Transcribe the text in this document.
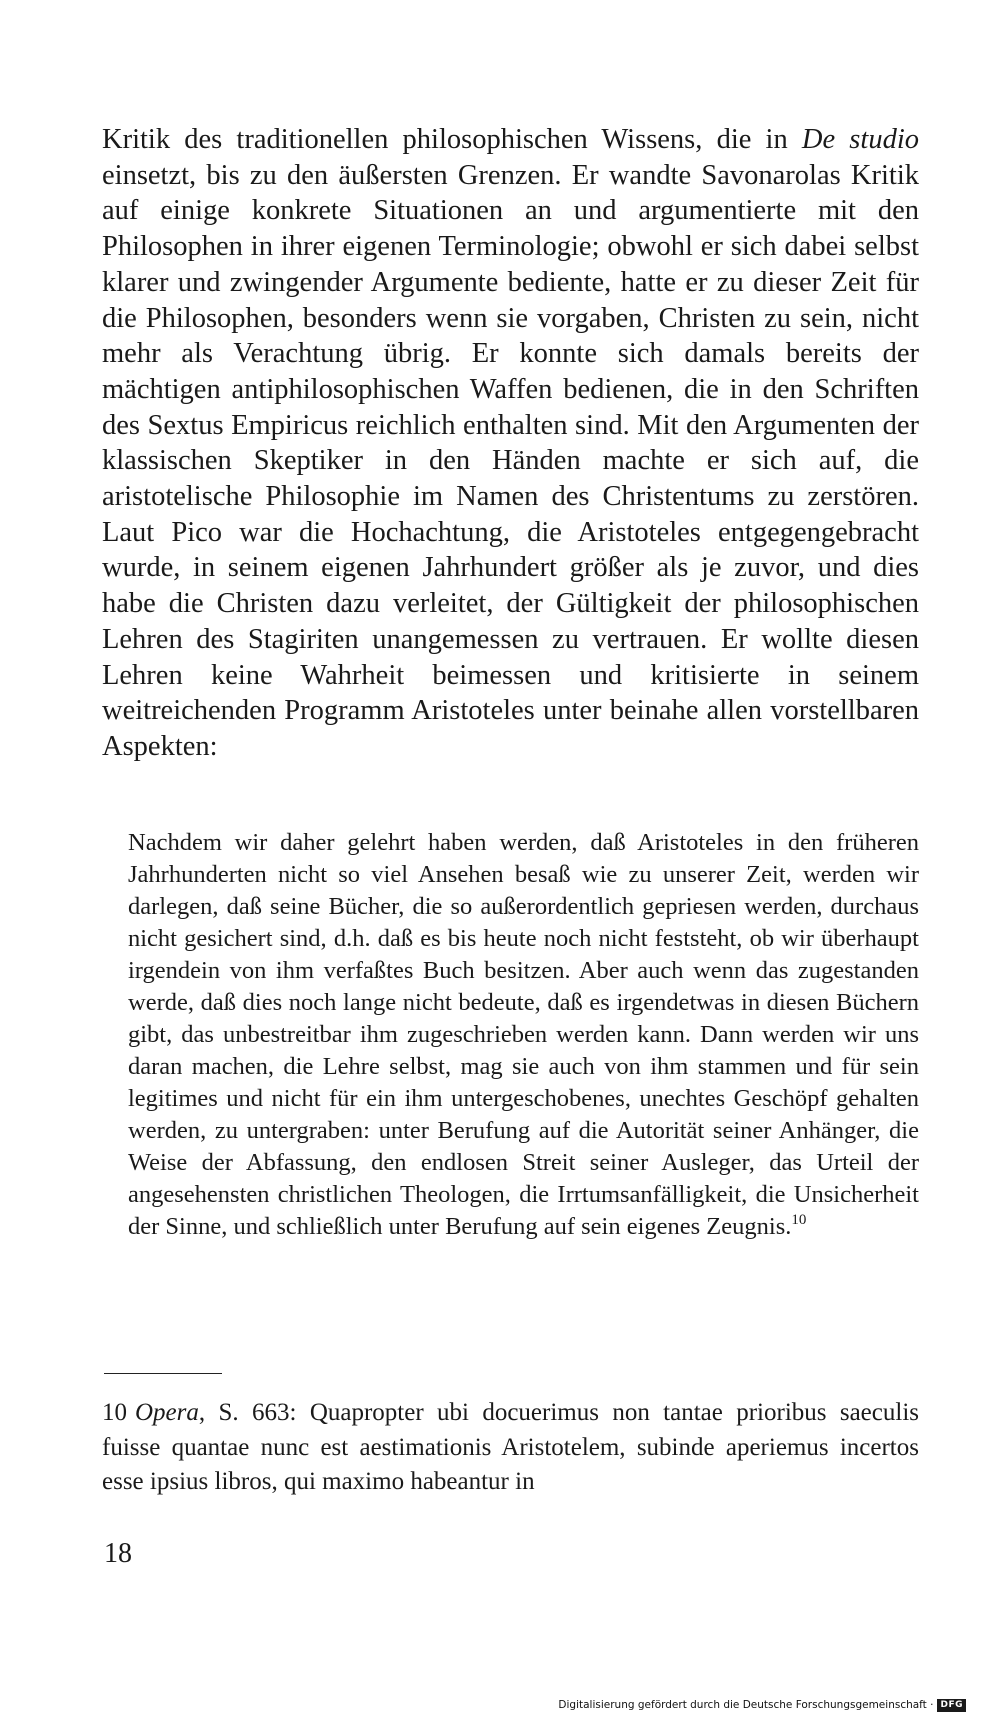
Kritik des traditionellen philosophischen Wissens, die in De studio einsetzt, bis zu den äußersten Grenzen. Er wandte Savonarolas Kritik auf einige konkrete Situationen an und argumentierte mit den Philosophen in ihrer eigenen Terminologie; obwohl er sich dabei selbst klarer und zwingender Argumente bediente, hatte er zu dieser Zeit für die Philosophen, besonders wenn sie vorgaben, Christen zu sein, nicht mehr als Verachtung übrig. Er konnte sich damals bereits der mächtigen antiphilosophischen Waffen bedienen, die in den Schriften des Sextus Empiricus reichlich enthalten sind. Mit den Argumenten der klassischen Skeptiker in den Händen machte er sich auf, die aristotelische Philosophie im Namen des Christentums zu zerstören. Laut Pico war die Hochachtung, die Aristoteles entgegengebracht wurde, in seinem eigenen Jahrhundert größer als je zuvor, und dies habe die Christen dazu verleitet, der Gültigkeit der philosophischen Lehren des Stagiriten unangemessen zu vertrauen. Er wollte diesen Lehren keine Wahrheit beimessen und kritisierte in seinem weitreichenden Programm Aristoteles unter beinahe allen vorstellbaren Aspekten:

Nachdem wir daher gelehrt haben werden, daß Aristoteles in den früheren Jahrhunderten nicht so viel Ansehen besaß wie zu unserer Zeit, werden wir darlegen, daß seine Bücher, die so außerordentlich gepriesen werden, durchaus nicht gesichert sind, d.h. daß es bis heute noch nicht feststeht, ob wir überhaupt irgendein von ihm verfaßtes Buch besitzen. Aber auch wenn das zugestanden werde, daß dies noch lange nicht bedeute, daß es irgendetwas in diesen Büchern gibt, das unbestreitbar ihm zugeschrieben werden kann. Dann werden wir uns daran machen, die Lehre selbst, mag sie auch von ihm stammen und für sein legitimes und nicht für ein ihm untergeschobenes, unechtes Geschöpf gehalten werden, zu untergraben: unter Berufung auf die Autorität seiner Anhänger, die Weise der Abfassung, den endlosen Streit seiner Ausleger, das Urteil der angesehensten christlichen Theologen, die Irrtumsanfälligkeit, die Unsicherheit der Sinne, und schließlich unter Berufung auf sein eigenes Zeugnis.$^{10}$

10 Opera, S. 663: Quapropter ubi docuerimus non tantae prioribus saeculis fuisse quantae nunc est aestimationis Aristotelem, subinde aperiemus incertos esse ipsius libros, qui maximo habeantur in

18
Digitalisierung gefördert durch die Deutsche Forschungsgemeinschaft · DFG
